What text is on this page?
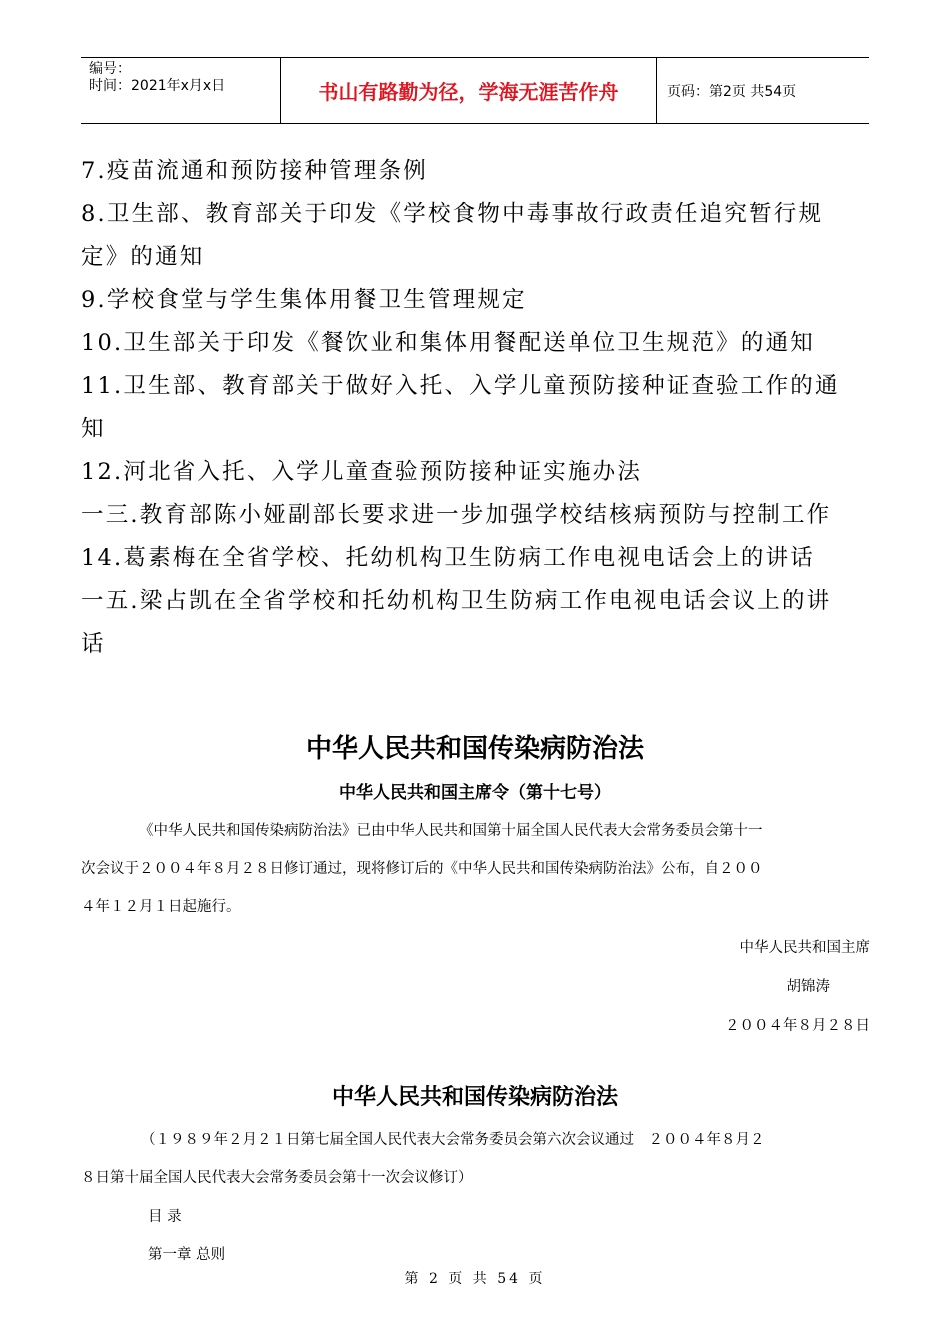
编号：
时间：2021年x月x日	书山有路勤为径，学海无涯苦作舟	页码：第2页 共54页
7.疫苗流通和预防接种管理条例
8.卫生部、教育部关于印发《学校食物中毒事故行政责任追究暂行规
定》的通知
9.学校食堂与学生集体用餐卫生管理规定
10.卫生部关于印发《餐饮业和集体用餐配送单位卫生规范》的通知
11.卫生部、教育部关于做好入托、入学儿童预防接种证查验工作的通
知
12.河北省入托、入学儿童查验预防接种证实施办法
一三.教育部陈小娅副部长要求进一步加强学校结核病预防与控制工作
14.葛素梅在全省学校、托幼机构卫生防病工作电视电话会上的讲话
一五.梁占凯在全省学校和托幼机构卫生防病工作电视电话会议上的讲
话
中华人民共和国传染病防治法
中华人民共和国主席令（第十七号）
《中华人民共和国传染病防治法》已由中华人民共和国第十届全国人民代表大会常务委员会第十一
次会议于２００４年８月２８日修订通过，现将修订后的《中华人民共和国传染病防治法》公布，自２００
４年１２月１日起施行。
中华人民共和国主席
胡锦涛
２００４年８月２８日
中华人民共和国传染病防治法
（１９８９年２月２１日第七届全国人民代表大会常务委员会第六次会议通过　２００４年８月２
８日第十届全国人民代表大会常务委员会第十一次会议修订）
目 录
第一章 总则
第 2 页 共 54 页
